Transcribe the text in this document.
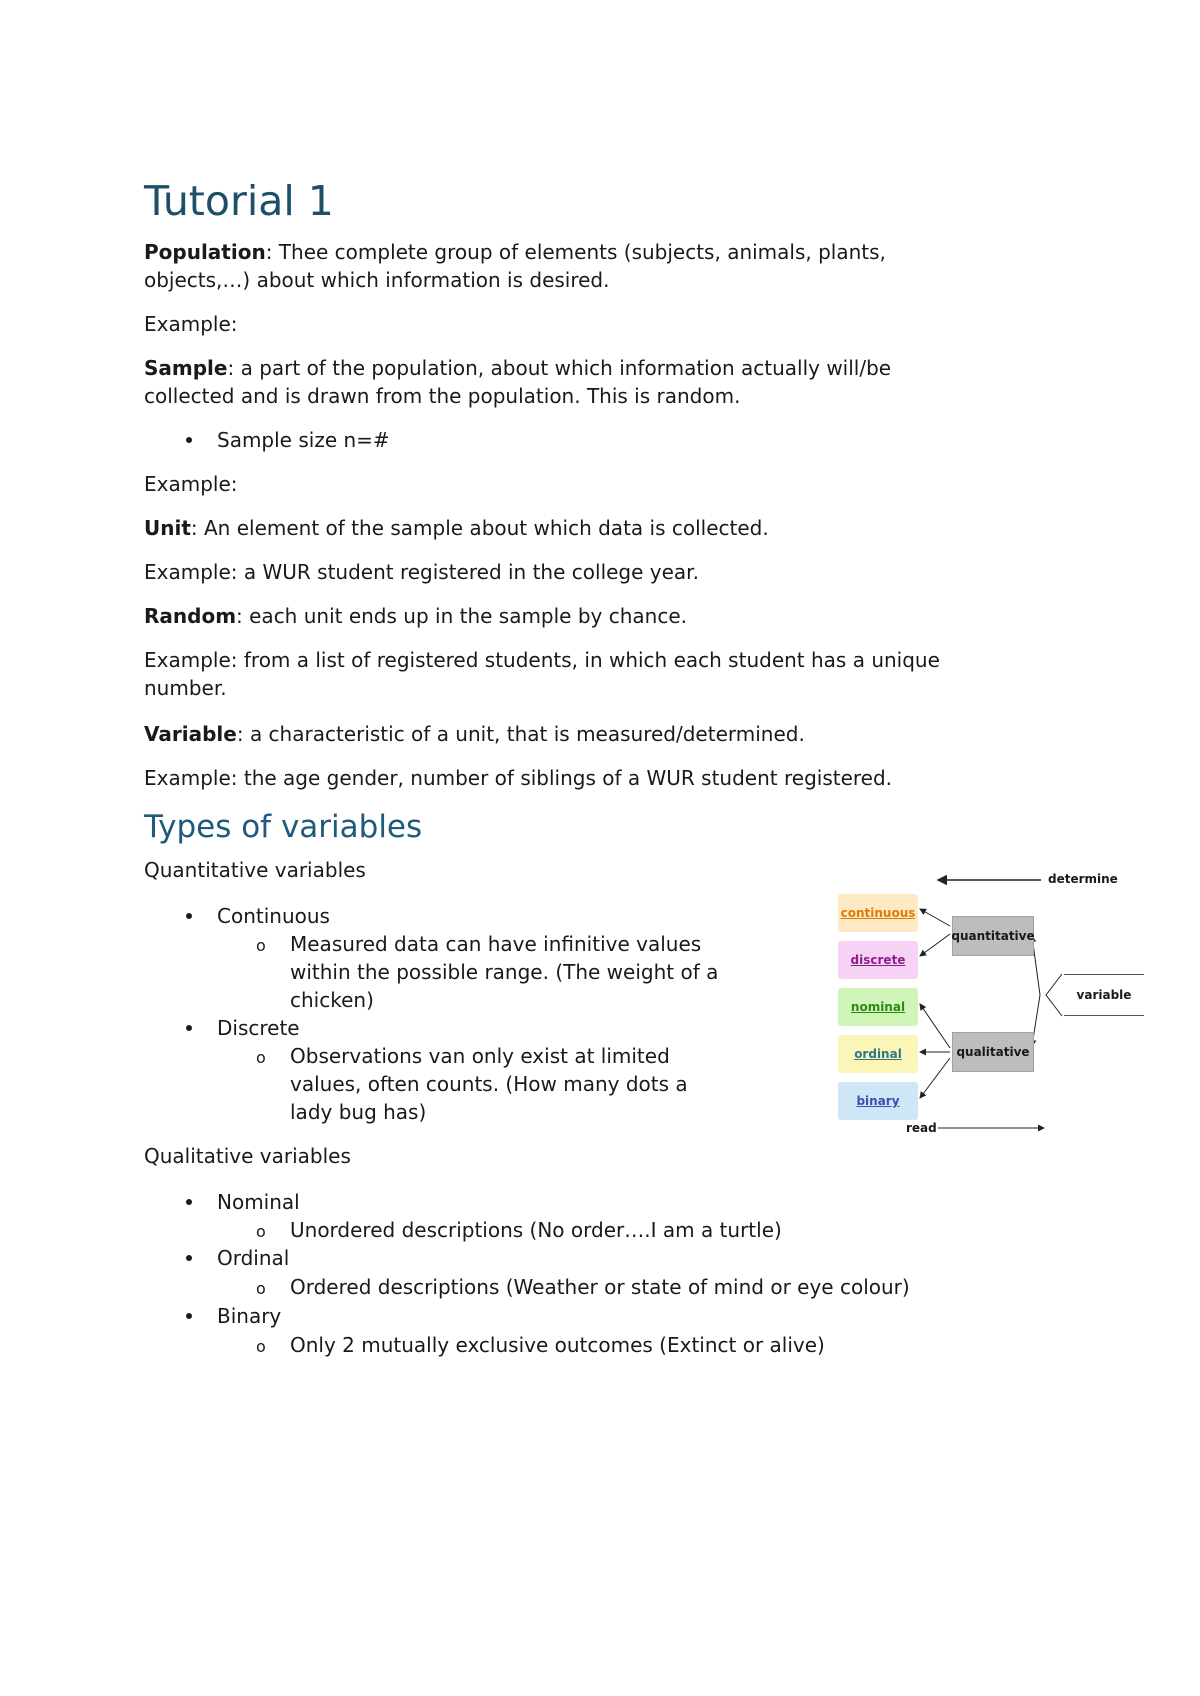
Tutorial 1
Population: Thee complete group of elements (subjects, animals, plants,
objects,…) about which information is desired.
Example:
Sample: a part of the population, about which information actually will/be
collected and is drawn from the population. This is random.
Sample size n=#
Example:
Unit: An element of the sample about which data is collected.
Example: a WUR student registered in the college year.
Random: each unit ends up in the sample by chance.
Example: from a list of registered students, in which each student has a unique
number.
Variable: a characteristic of a unit, that is measured/determined.
Example: the age gender, number of siblings of a WUR student registered.
Types of variables
Quantitative variables
Continuous
o Measured data can have infinitive values
within the possible range. (The weight of a
chicken)
Discrete
o Observations van only exist at limited
values, often counts. (How many dots a
lady bug has)
Qualitative variables
Nominal
o Unordered descriptions (No order….I am a turtle)
Ordinal
o Ordered descriptions (Weather or state of mind or eye colour)
Binary
o Only 2 mutually exclusive outcomes (Extinct or alive)
determine
read
continuous
discrete
nominal
ordinal
binary
quantitative
qualitative
variable
